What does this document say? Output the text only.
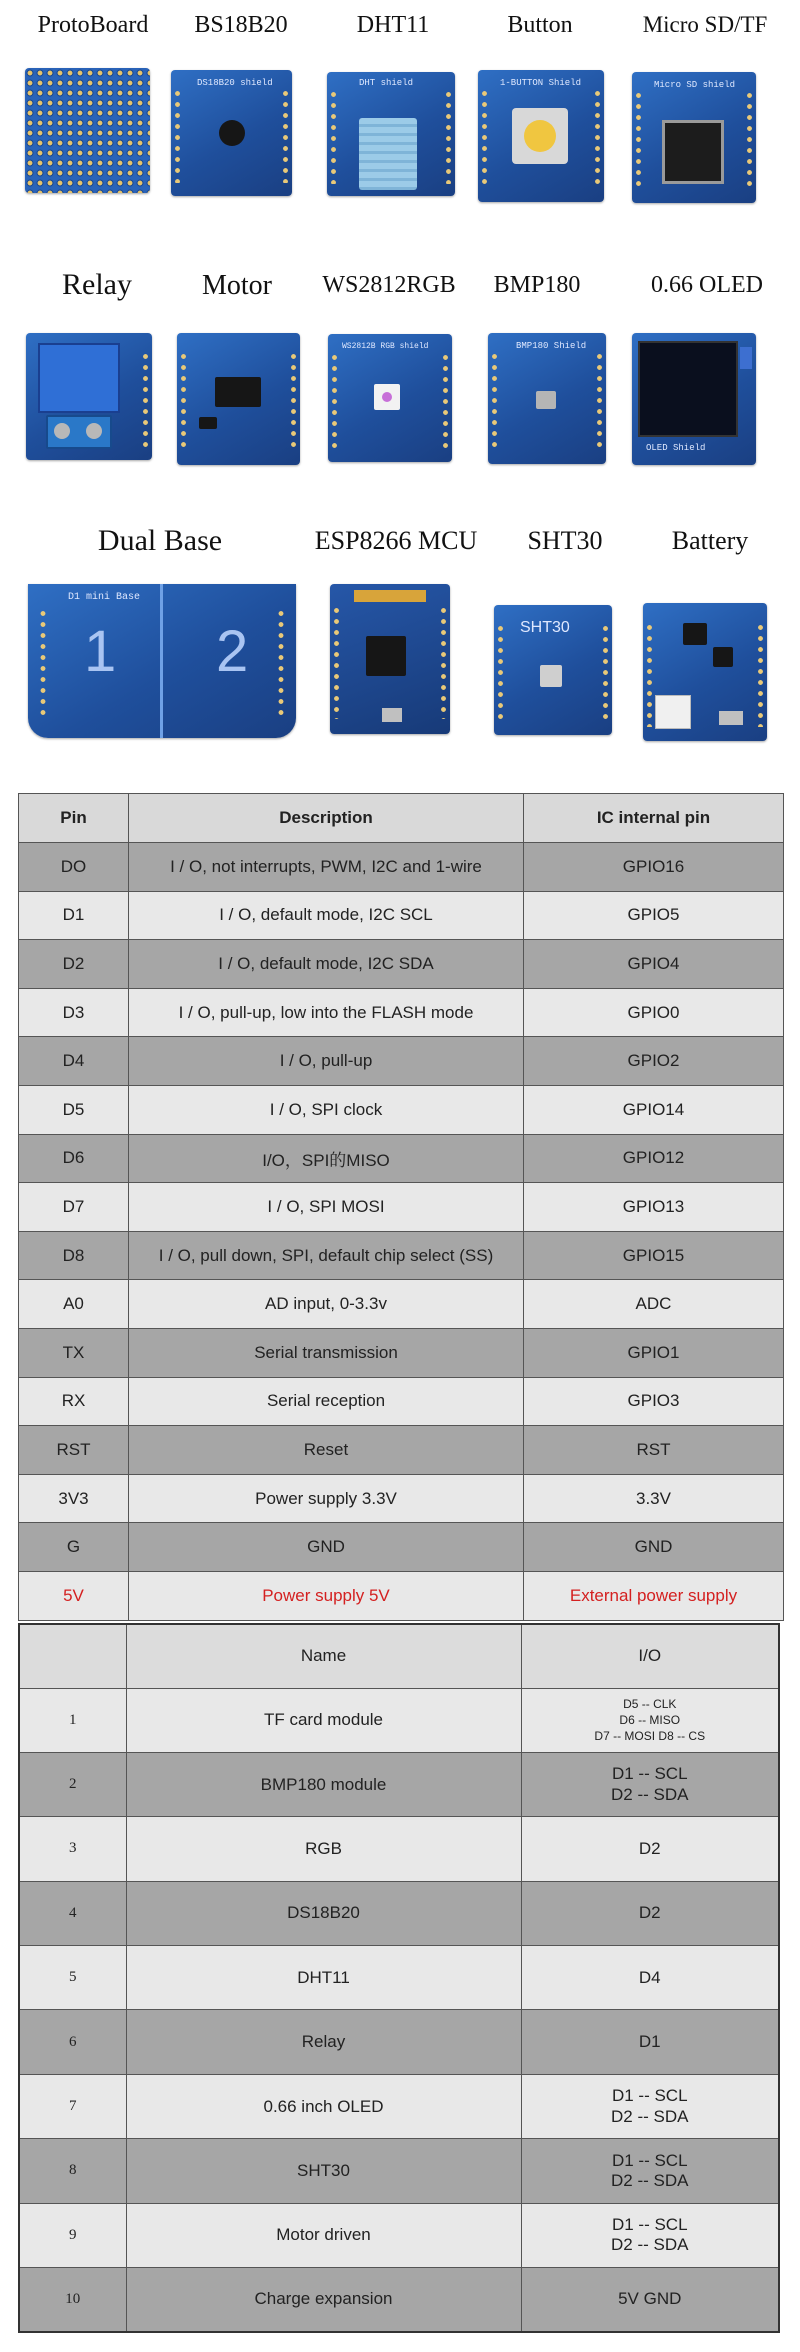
ProtoBoard BS18B20	DHT11	Button	Micro SD/TF
DS18B20 shield	DHT shield	1-BUTTON Shield	Micro SD shield
Relay	Motor WS2812RGB BMP180	0.66 OLED
WS2812B RGB shield	BMP180 Shield
OLED Shield
Dual Base	ESP8266 MCU SHT30	Battery
D1 mini Base
1 2	SHT30
Pin	Description	IC internal pin
DO	I / O, not interrupts, PWM, I2C and 1-wire	GPIO16
D1	I / O, default mode, I2C SCL	GPIO5
D2	I / O, default mode, I2C SDA	GPIO4
D3	I / O, pull-up, low into the FLASH mode	GPIO0
D4	I / O, pull-up	GPIO2
D5	I / O, SPI clock	GPIO14
D6	I/O，SPI的MISO	GPIO12
D7	I / O, SPI MOSI	GPIO13
D8	I / O, pull down, SPI, default chip select (SS)	GPIO15
A0	AD input, 0-3.3v	ADC
TX	Serial transmission	GPIO1
RX	Serial reception	GPIO3
RST	Reset	RST
3V3	Power supply 3.3V	3.3V
G	GND	GND
5V	Power supply 5V	External power supply
	Name	I/O
1	TF card module	D5 -- CLK
D6 -- MISO
D7 -- MOSI D8 -- CS

2	BMP180 module	D1 -- SCL
D2 -- SDA

3	RGB	D2

4	DS18B20	D2

5	DHT11	D4

6	Relay	D1

7	0.66 inch OLED	D1 -- SCL
D2 -- SDA

8	SHT30	D1 -- SCL
D2 -- SDA

9	Motor driven	D1 -- SCL
D2 -- SDA

10	Charge expansion	5V GND
